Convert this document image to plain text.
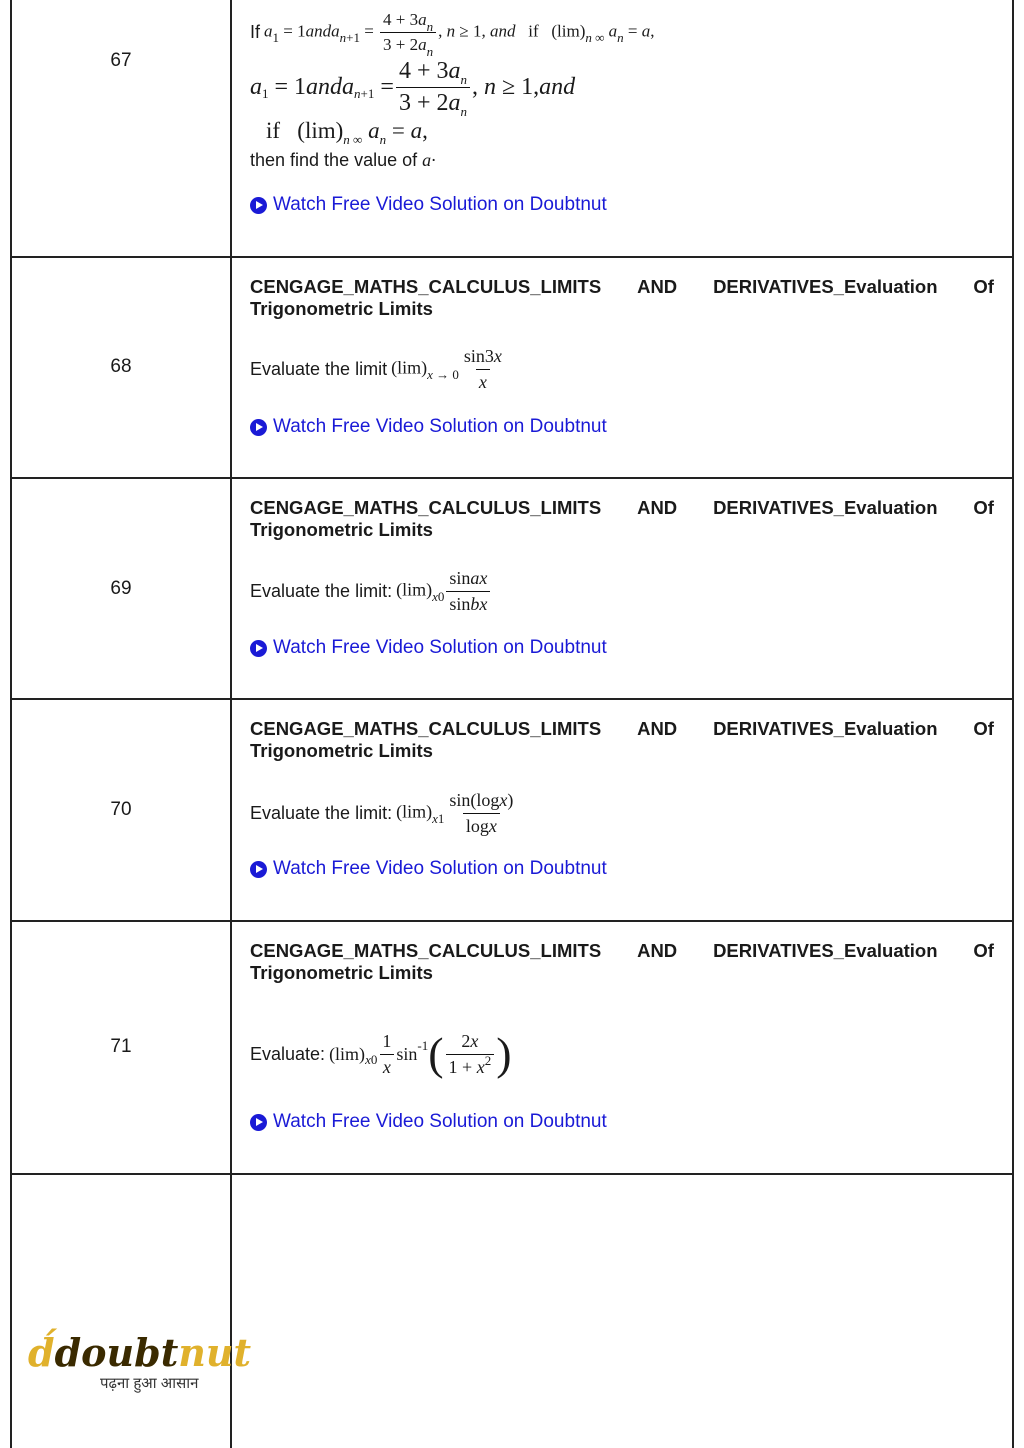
67
If $a_1$ = 1anda$_{n+1}$ = $\frac{4 + 3a_n}{3 + 2a_n}$ , n ≥ 1, and   if   $(\lim)_{n \infty}$ $a_n = a$,
a 1 = 1 anda $n+1 = \frac{4 + 3a_n}{3 + 2a_n}$ , n ≥ 1, and
if   $(\lim)_{n \infty}$ $a_n = a$,
then find the value of a·
Watch Free Video Solution on Doubtnut
68
CENGAGE_MATHS_CALCULUS_LIMITS AND DERIVATIVES_Evaluation Of
Trigonometric Limits
Evaluate the limit $(\lim)_{x \to 0} \frac{\sin 3x}{x}$
Watch Free Video Solution on Doubtnut
69
CENGAGE_MATHS_CALCULUS_LIMITS AND DERIVATIVES_Evaluation Of
Trigonometric Limits
Evaluate the limit: $(\lim)_{x0} \frac{\text{sinax}}{\text{sinbx}}$
Watch Free Video Solution on Doubtnut
70
CENGAGE_MATHS_CALCULUS_LIMITS AND DERIVATIVES_Evaluation Of
Trigonometric Limits
Evaluate the limit: $(\lim)_{x1} \frac{\sin(\log x)}{\log x}$
Watch Free Video Solution on Doubtnut
71
CENGAGE_MATHS_CALCULUS_LIMITS AND DERIVATIVES_Evaluation Of
Trigonometric Limits
Evaluate: (lim) $x0 \frac{1}{x}$ sin -1 ( $\frac{2x}{1 + x^2}$ )
Watch Free Video Solution on Doubtnut
d́doubtnut
पढ़ना हुआ आसान
